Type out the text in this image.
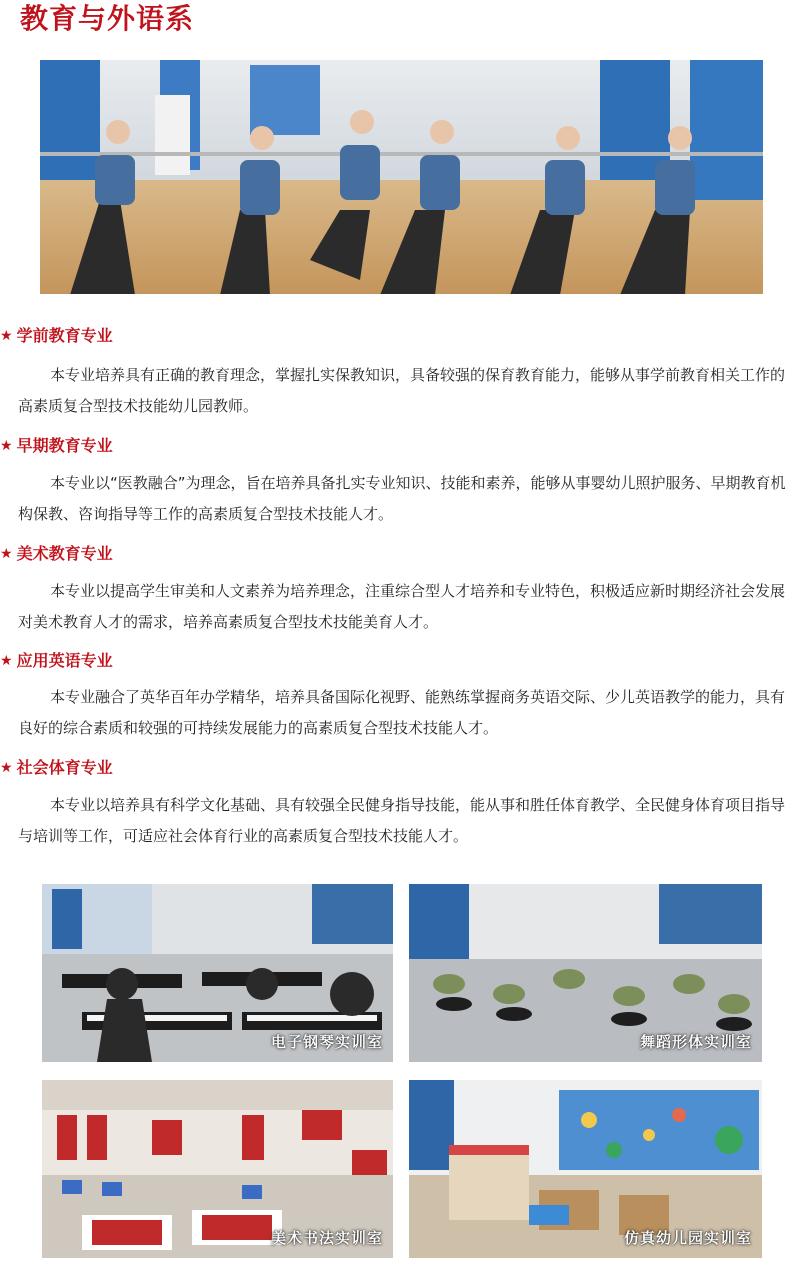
教育与外语系
★ 学前教育专业

本专业培养具有正确的教育理念，掌握扎实保教知识，具备较强的保育教育能力，能够从事学前教育相关工作的高素质复合型技术技能幼儿园教师。

★ 早期教育专业

本专业以“医教融合”为理念，旨在培养具备扎实专业知识、技能和素养，能够从事婴幼儿照护服务、早期教育机构保教、咨询指导等工作的高素质复合型技术技能人才。

★ 美术教育专业

本专业以提高学生审美和人文素养为培养理念，注重综合型人才培养和专业特色，积极适应新时期经济社会发展对美术教育人才的需求，培养高素质复合型技术技能美育人才。

★ 应用英语专业

本专业融合了英华百年办学精华，培养具备国际化视野、能熟练掌握商务英语交际、少儿英语教学的能力，具有良好的综合素质和较强的可持续发展能力的高素质复合型技术技能人才。

★ 社会体育专业

本专业以培养具有科学文化基础、具有较强全民健身指导技能，能从事和胜任体育教学、全民健身体育项目指导与培训等工作，可适应社会体育行业的高素质复合型技术技能人才。

电子钢琴实训室	舞蹈形体实训室
美术书法实训室	仿真幼儿园实训室
